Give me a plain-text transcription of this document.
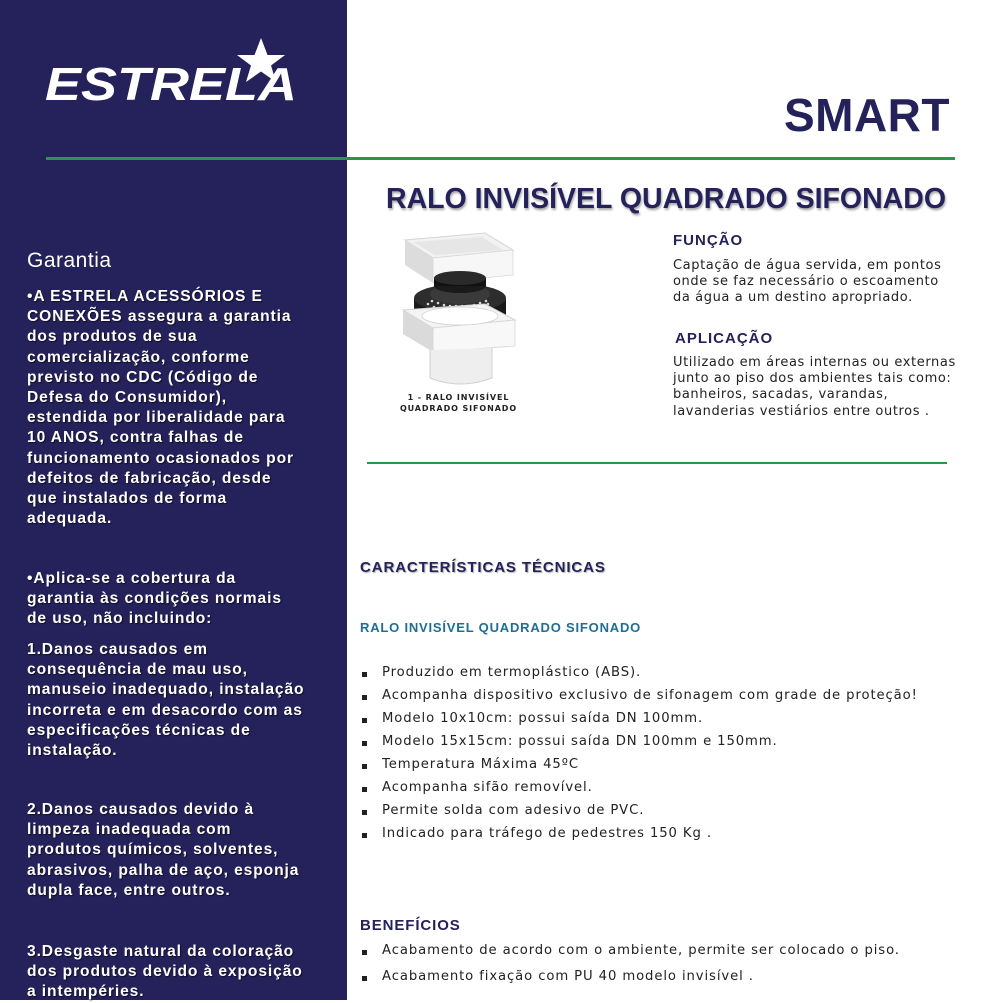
ESTRELA
Garantia

•A ESTRELA ACESSÓRIOS E
CONEXÕES assegura a garantia
dos produtos de sua
comercialização, conforme
previsto no CDC (Código de
Defesa do Consumidor),
estendida por liberalidade para
10 ANOS, contra falhas de
funcionamento ocasionados por
defeitos de fabricação, desde
que instalados de forma
adequada.

•Aplica-se a cobertura da
garantia às condições normais
de uso, não incluindo:

1.Danos causados em
consequência de mau uso,
manuseio inadequado, instalação
incorreta e em desacordo com as
especificações técnicas de
instalação.

2.Danos causados devido à
limpeza inadequada com
produtos químicos, solventes,
abrasivos, palha de aço, esponja
dupla face, entre outros.

3.Desgaste natural da coloração
dos produtos devido à exposição
a intempéries.

SMART
RALO INVISÍVEL QUADRADO SIFONADO
1 - RALO INVISÍVEL
QUADRADO SIFONADO
FUNÇÃO

Captação de água servida, em pontos
onde se faz necessário o escoamento
da água a um destino apropriado.

APLICAÇÃO

Utilizado em áreas internas ou externas
junto ao piso dos ambientes tais como:
banheiros, sacadas, varandas,
lavanderias vestiários entre outros .

CARACTERÍSTICAS TÉCNICAS
RALO INVISÍVEL QUADRADO SIFONADO
Produzido em termoplástico (ABS).
Acompanha dispositivo exclusivo de sifonagem com grade de proteção!
Modelo 10x10cm: possui saída DN 100mm.
Modelo 15x15cm: possui saída DN 100mm e 150mm.
Temperatura Máxima 45ºC
Acompanha sifão removível.
Permite solda com adesivo de PVC.
Indicado para tráfego de pedestres 150 Kg .
BENEFÍCIOS
Acabamento de acordo com o ambiente, permite ser colocado o piso.
Acabamento fixação com PU 40 modelo invisível .
